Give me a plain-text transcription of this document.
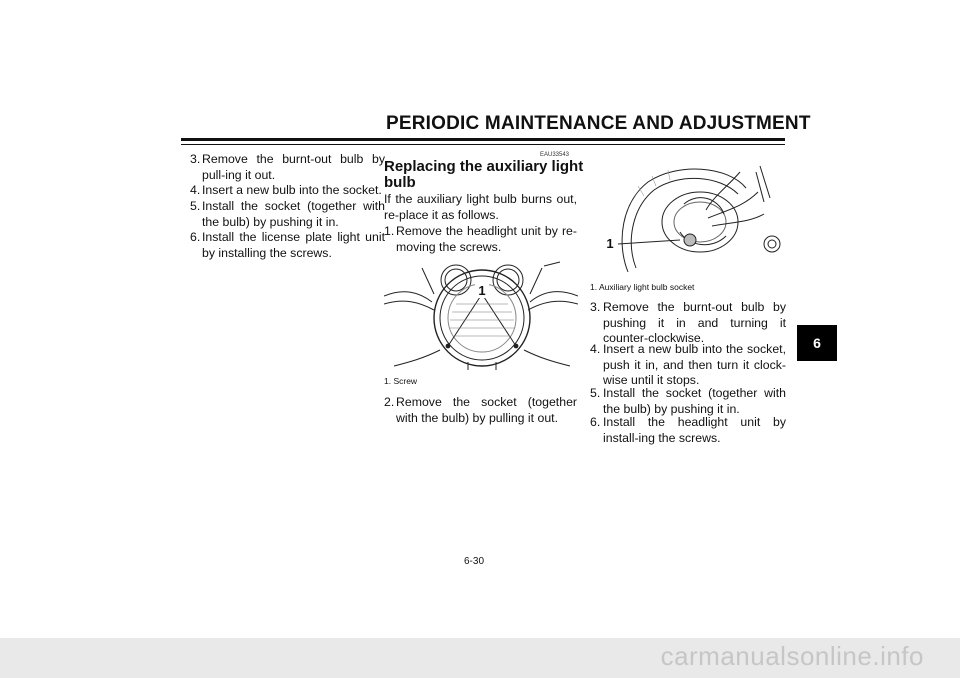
PERIODIC MAINTENANCE AND ADJUSTMENT
6
3. Remove the burnt-out bulb by pull-ing it out.
4. Insert a new bulb into the socket.
5. Install the socket (together with the bulb) by pushing it in.
6. Install the license plate light unit by installing the screws.
EAU33543
Replacing the auxiliary light bulb

If the auxiliary light bulb burns out, re-place it as follows.

1. Remove the headlight unit by re-moving the screws.
1
1. Screw
2. Remove the socket (together with the bulb) by pulling it out.
1
1. Auxiliary light bulb socket
3. Remove the burnt-out bulb by pushing it in and turning it counter-clockwise.
4. Insert a new bulb into the socket, push it in, and then turn it clock-wise until it stops.
5. Install the socket (together with the bulb) by pushing it in.
6. Install the headlight unit by install-ing the screws.
6-30
carmanualsonline.info
